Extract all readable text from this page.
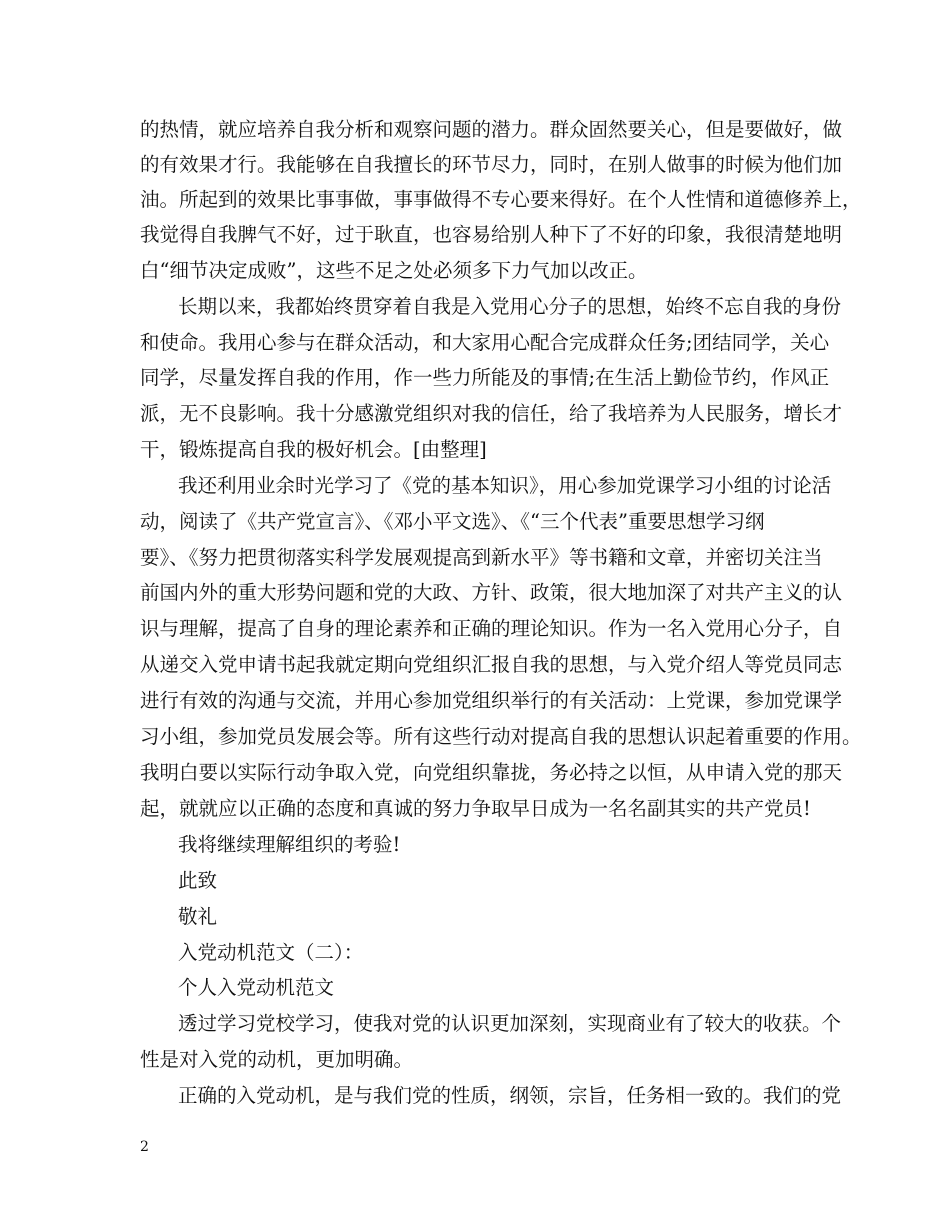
的热情，就应培养自我分析和观察问题的潜力。群众固然要关心，但是要做好，做
的有效果才行。我能够在自我擅长的环节尽力，同时，在别人做事的时候为他们加
油。所起到的效果比事事做，事事做得不专心要来得好。在个人性情和道德修养上，
我觉得自我脾气不好，过于耿直，也容易给别人种下了不好的印象，我很清楚地明
白“细节决定成败”，这些不足之处必须多下力气加以改正。
长期以来，我都始终贯穿着自我是入党用心分子的思想，始终不忘自我的身份
和使命。我用心参与在群众活动，和大家用心配合完成群众任务;团结同学，关心
同学，尽量发挥自我的作用，作一些力所能及的事情;在生活上勤俭节约，作风正
派，无不良影响。我十分感激党组织对我的信任，给了我培养为人民服务，增长才
干，锻炼提高自我的极好机会。[由整理]
我还利用业余时光学习了《党的基本知识》，用心参加党课学习小组的讨论活
动，阅读了《共产党宣言》、《邓小平文选》、《“三个代表”重要思想学习纲
要》、《努力把贯彻落实科学发展观提高到新水平》等书籍和文章，并密切关注当
前国内外的重大形势问题和党的大政、方针、政策，很大地加深了对共产主义的认
识与理解，提高了自身的理论素养和正确的理论知识。作为一名入党用心分子，自
从递交入党申请书起我就定期向党组织汇报自我的思想，与入党介绍人等党员同志
进行有效的沟通与交流，并用心参加党组织举行的有关活动：上党课，参加党课学
习小组，参加党员发展会等。所有这些行动对提高自我的思想认识起着重要的作用。
我明白要以实际行动争取入党，向党组织靠拢，务必持之以恒，从申请入党的那天
起，就就应以正确的态度和真诚的努力争取早日成为一名名副其实的共产党员!
我将继续理解组织的考验!
此致
敬礼
入党动机范文（二）：
个人入党动机范文
透过学习党校学习，使我对党的认识更加深刻，实现商业有了较大的收获。个
性是对入党的动机，更加明确。
正确的入党动机，是与我们党的性质，纲领，宗旨，任务相一致的。我们的党
2
